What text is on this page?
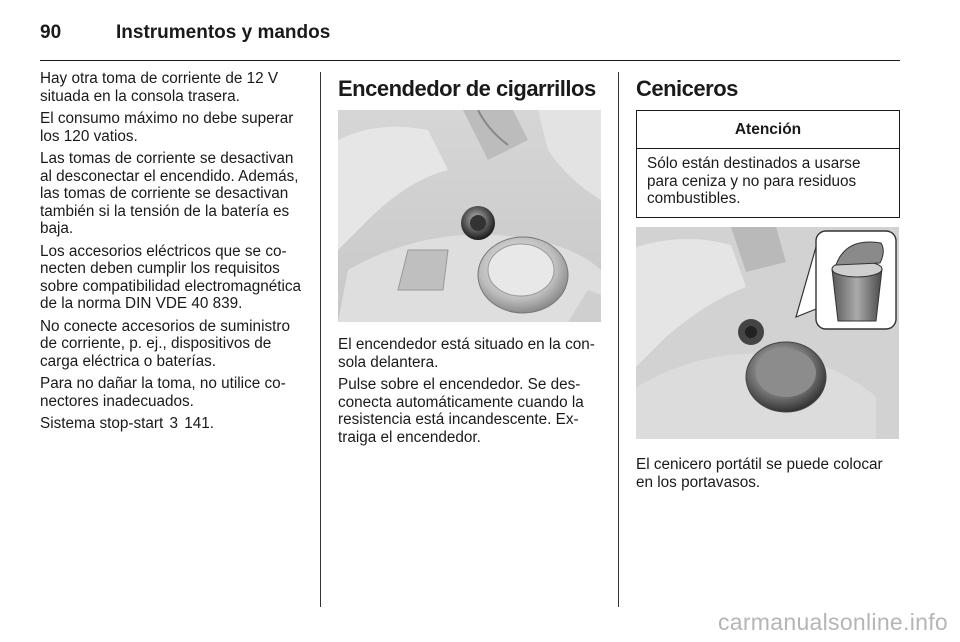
90	Instrumentos y mandos

Hay otra toma de corriente de 12 V situada en la consola trasera.

El consumo máximo no debe superar los 120 vatios.

Las tomas de corriente se desactivan al desconectar el encendido. Además, las tomas de corriente se desactivan también si la tensión de la batería es baja.

Los accesorios eléctricos que se conecten deben cumplir los requisitos sobre compatibilidad electromagnética de la norma DIN VDE 40 839.

No conecte accesorios de suministro de corriente, p. ej., dispositivos de carga eléctrica o baterías.

Para no dañar la toma, no utilice conectores inadecuados.

Sistema stop-start 3 141.

Encendedor de cigarrillos

El encendedor está situado en la consola delantera.

Pulse sobre el encendedor. Se desconecta automáticamente cuando la resistencia está incandescente. Extraiga el encendedor.

Ceniceros
Atención
Sólo están destinados a usarse para ceniza y no para residuos combustibles.

El cenicero portátil se puede colocar en los portavasos.

carmanualsonline.info
